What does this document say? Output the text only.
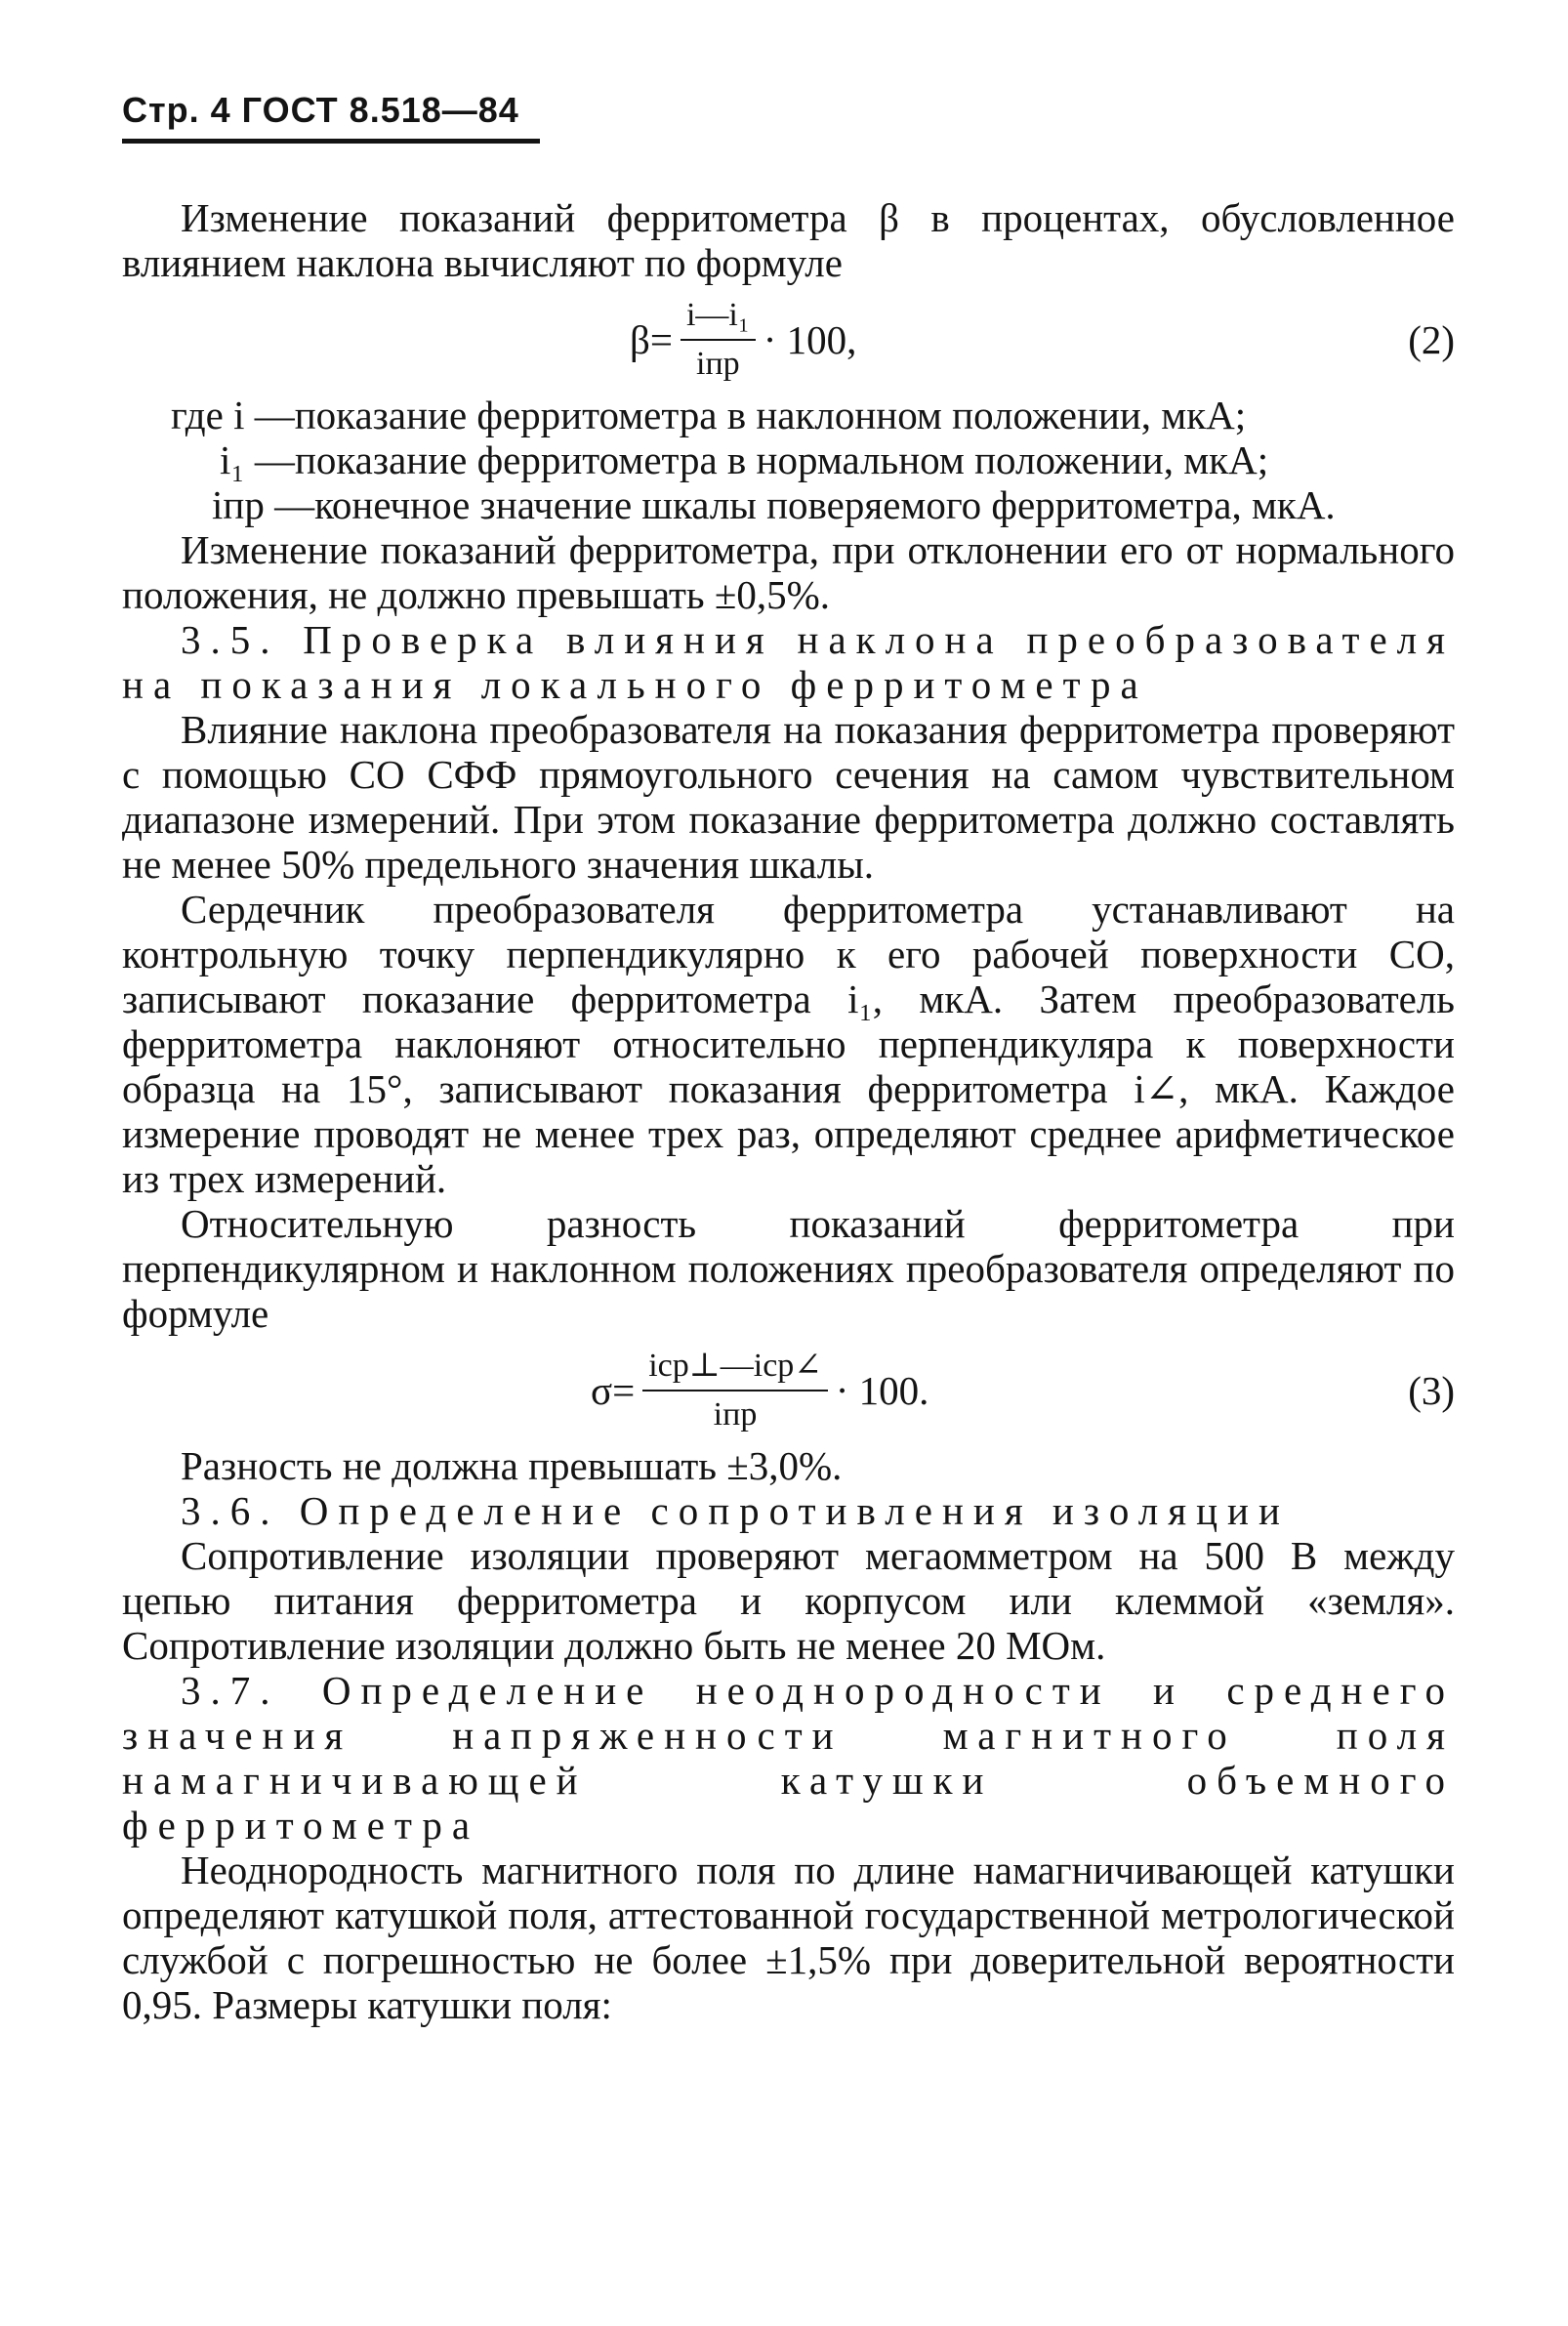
Стр. 4 ГОСТ 8.518—84

Изменение показаний ферритометра β в процентах, обусловленное влиянием наклона вычисляют по формуле

$\beta= \frac{\text{i—i₁}}{\text{iпр}} \cdot 100$,	(2)
где i — показание ферритометра в наклонном положении, мкА;
i₁ — показание ферритометра в нормальном положении, мкА;
iпр — конечное значение шкалы поверяемого ферритометра, мкА.

Изменение показаний ферритометра, при отклонении его от нормального положения, не должно превышать ±0,5%.

3.5. Проверка влияния наклона преобразователя на показания локального ферритометра

Влияние наклона преобразователя на показания ферритометра проверяют с помощью СО СФФ прямоугольного сечения на самом чувствительном диапазоне измерений. При этом показание ферритометра должно составлять не менее 50% предельного значения шкалы.

Сердечник преобразователя ферритометра устанавливают на контрольную точку перпендикулярно к его рабочей поверхности СО, записывают показание ферритометра i₁, мкА. Затем преобразователь ферритометра наклоняют относительно перпендикуляра к поверхности образца на 15°, записывают показания ферритометра i∠, мкА. Каждое измерение проводят не менее трех раз, определяют среднее арифметическое из трех измерений.

Относительную разность показаний ферритометра при перпендикулярном и наклонном положениях преобразователя определяют по формуле

$\sigma= \frac{\text{iср⊥—iср∠}}{\text{iпр}} \cdot 100$.	(3)

Разность не должна превышать ±3,0%.

3.6. Определение сопротивления изоляции

Сопротивление изоляции проверяют мегаомметром на 500 В между цепью питания ферритометра и корпусом или клеммой «земля». Сопротивление изоляции должно быть не менее 20 МОм.

3.7. Определение неоднородности и среднего значения напряженности магнитного поля намагничивающей катушки объемного ферритометра

Неоднородность магнитного поля по длине намагничивающей катушки определяют катушкой поля, аттестованной государственной метрологической службой с погрешностью не более ±1,5% при доверительной вероятности 0,95. Размеры катушки поля:
